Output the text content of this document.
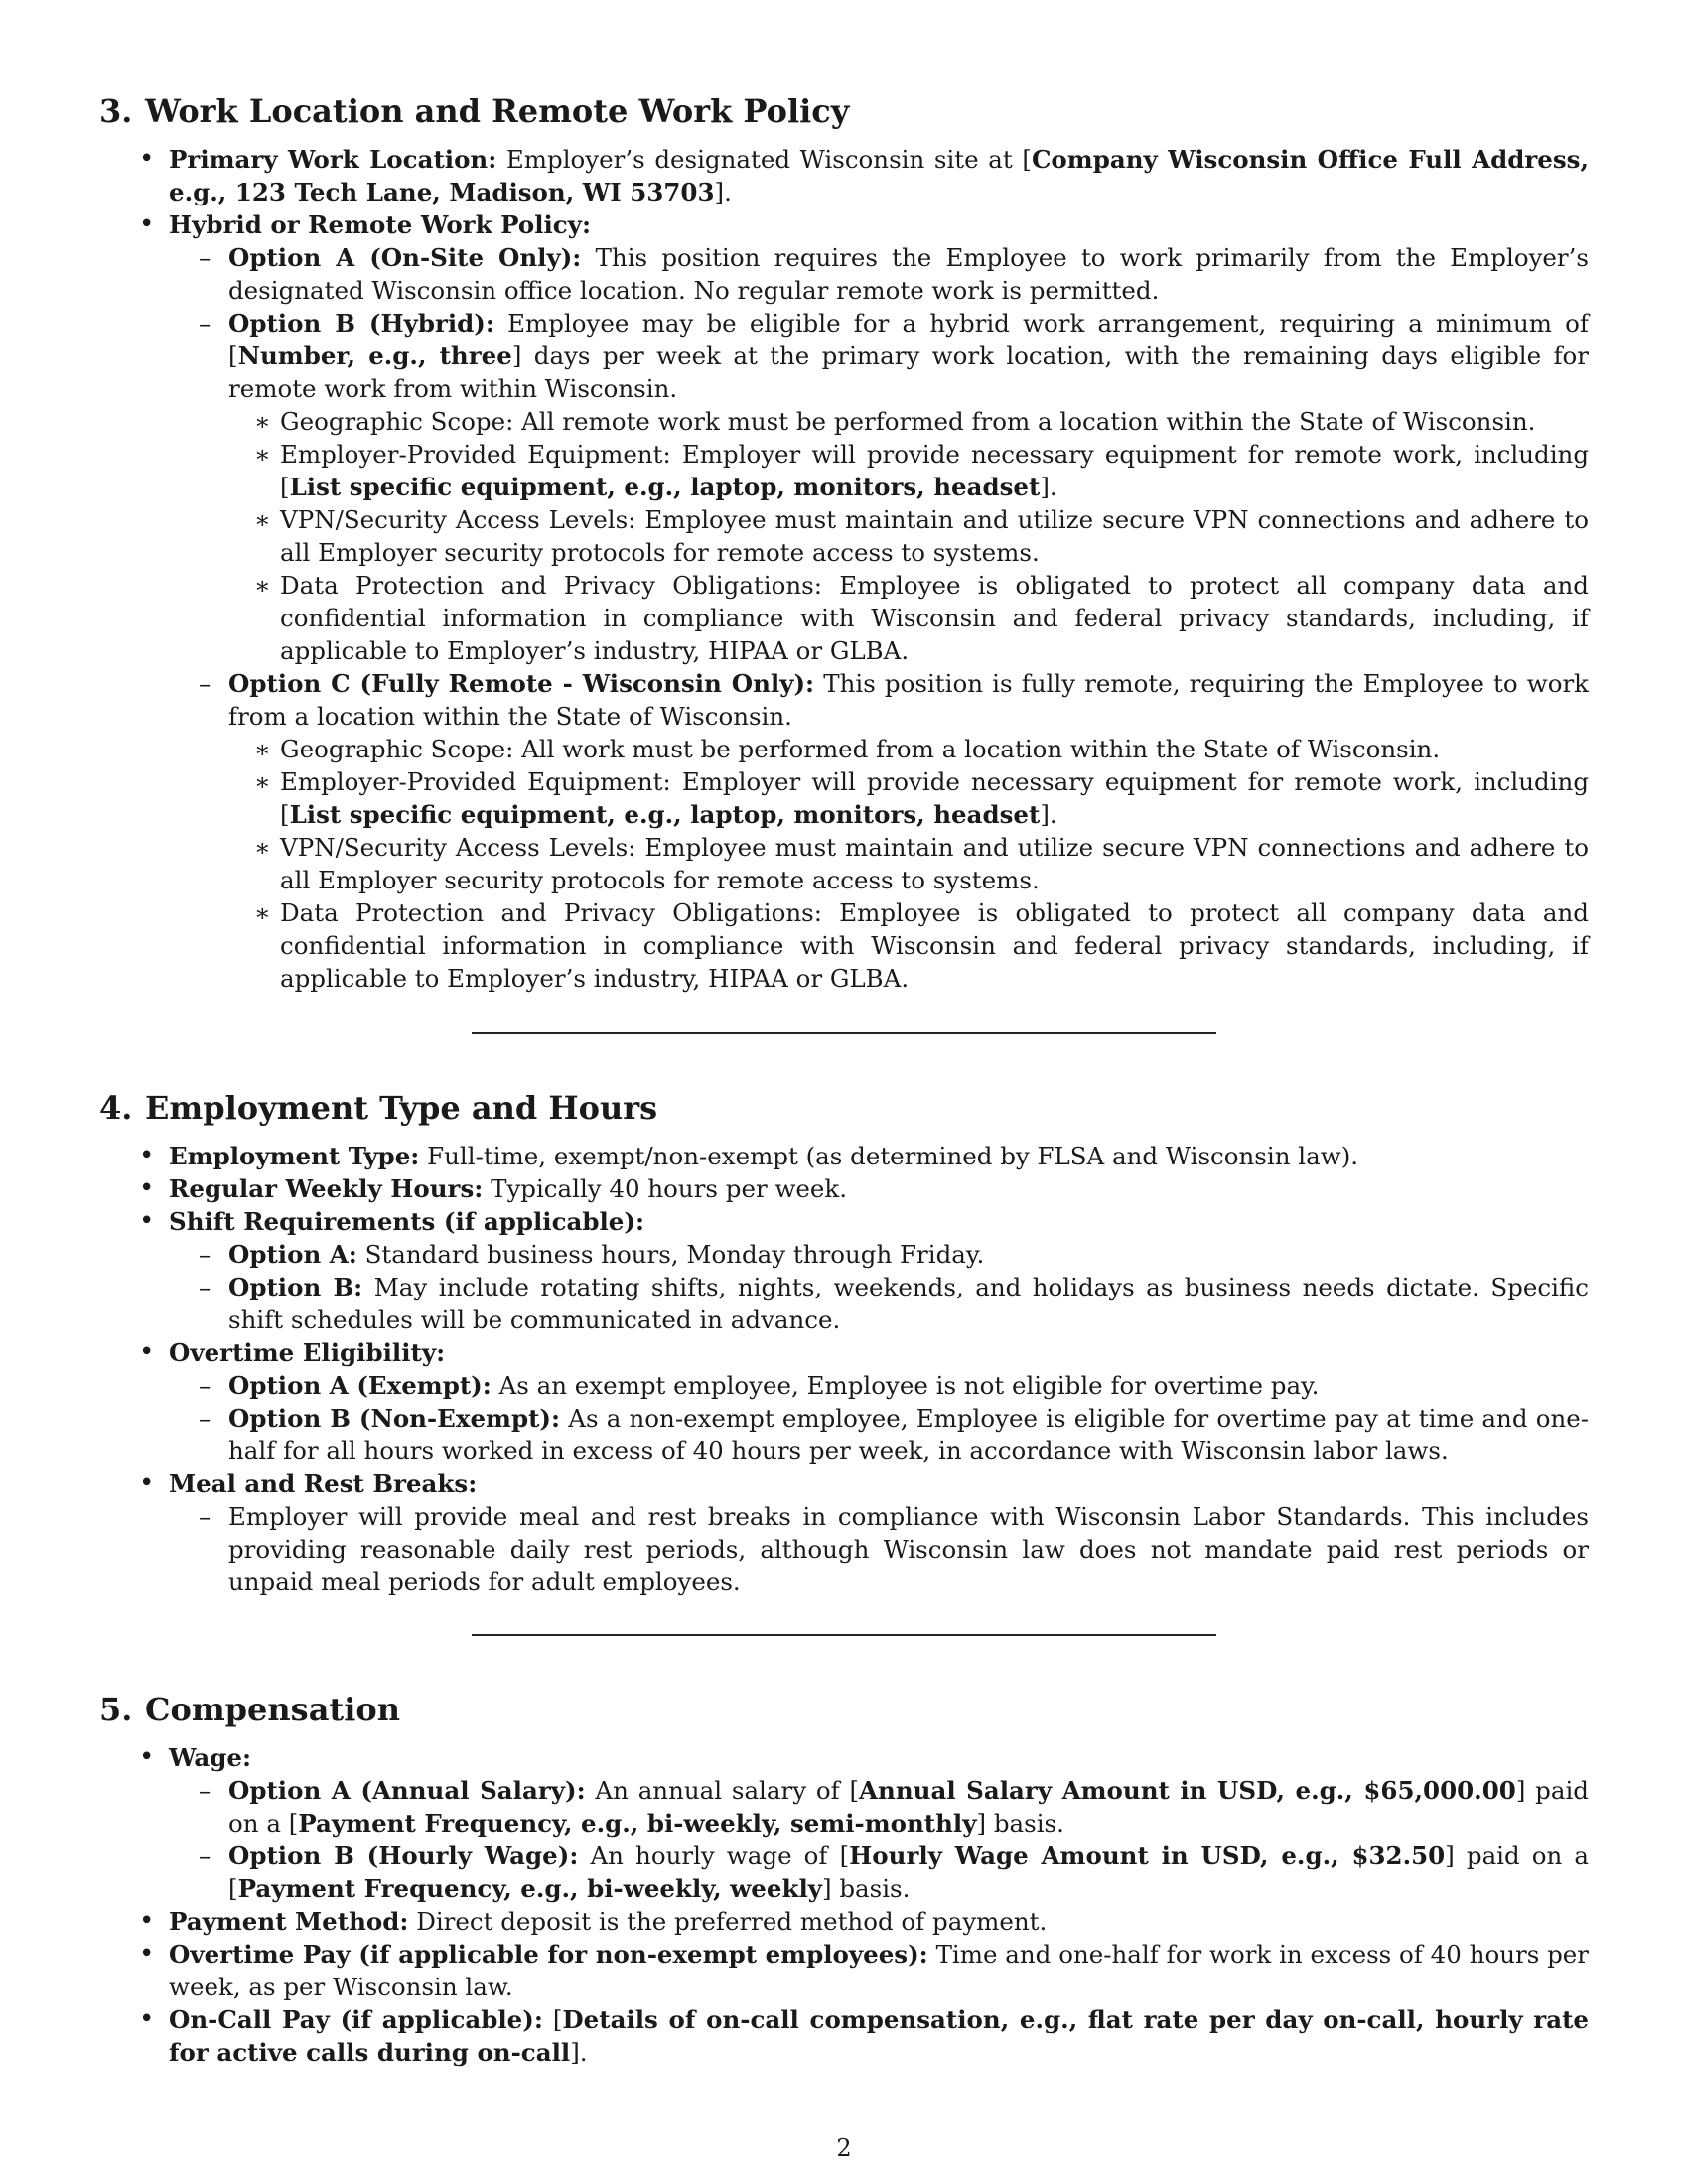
3. Work Location and Remote Work Policy
• Primary Work Location: Employer’s designated Wisconsin site at [Company Wisconsin Office Full Address, e.g., 123 Tech Lane, Madison, WI 53703].
• Hybrid or Remote Work Policy:
– Option A (On-Site Only): This position requires the Employee to work primarily from the Employer’s designated Wisconsin office location. No regular remote work is permitted.
– Option B (Hybrid): Employee may be eligible for a hybrid work arrangement, requiring a minimum of [Number, e.g., three] days per week at the primary work location, with the remaining days eligible for remote work from within Wisconsin.
∗ Geographic Scope: All remote work must be performed from a location within the State of Wisconsin.
∗ Employer-Provided Equipment: Employer will provide necessary equipment for remote work, including [List specific equipment, e.g., laptop, monitors, headset].
∗ VPN/Security Access Levels: Employee must maintain and utilize secure VPN connections and adhere to all Employer security protocols for remote access to systems.
∗ Data Protection and Privacy Obligations: Employee is obligated to protect all company data and confidential information in compliance with Wisconsin and federal privacy standards, including, if applicable to Employer’s industry, HIPAA or GLBA.
– Option C (Fully Remote - Wisconsin Only): This position is fully remote, requiring the Employee to work from a location within the State of Wisconsin.
∗ Geographic Scope: All work must be performed from a location within the State of Wisconsin.
∗ Employer-Provided Equipment: Employer will provide necessary equipment for remote work, including [List specific equipment, e.g., laptop, monitors, headset].
∗ VPN/Security Access Levels: Employee must maintain and utilize secure VPN connections and adhere to all Employer security protocols for remote access to systems.
∗ Data Protection and Privacy Obligations: Employee is obligated to protect all company data and confidential information in compliance with Wisconsin and federal privacy standards, including, if applicable to Employer’s industry, HIPAA or GLBA.
4. Employment Type and Hours
• Employment Type: Full-time, exempt/non-exempt (as determined by FLSA and Wisconsin law).
• Regular Weekly Hours: Typically 40 hours per week.
• Shift Requirements (if applicable):
– Option A: Standard business hours, Monday through Friday.
– Option B: May include rotating shifts, nights, weekends, and holidays as business needs dictate. Specific shift schedules will be communicated in advance.
• Overtime Eligibility:
– Option A (Exempt): As an exempt employee, Employee is not eligible for overtime pay.
– Option B (Non-Exempt): As a non-exempt employee, Employee is eligible for overtime pay at time and one-half for all hours worked in excess of 40 hours per week, in accordance with Wisconsin labor laws.
• Meal and Rest Breaks:
– Employer will provide meal and rest breaks in compliance with Wisconsin Labor Standards. This includes providing reasonable daily rest periods, although Wisconsin law does not mandate paid rest periods or unpaid meal periods for adult employees.
5. Compensation
• Wage:
– Option A (Annual Salary): An annual salary of [Annual Salary Amount in USD, e.g., $65,000.00] paid on a [Payment Frequency, e.g., bi-weekly, semi-monthly] basis.
– Option B (Hourly Wage): An hourly wage of [Hourly Wage Amount in USD, e.g., $32.50] paid on a [Payment Frequency, e.g., bi-weekly, weekly] basis.
• Payment Method: Direct deposit is the preferred method of payment.
• Overtime Pay (if applicable for non-exempt employees): Time and one-half for work in excess of 40 hours per week, as per Wisconsin law.
• On-Call Pay (if applicable): [Details of on-call compensation, e.g., flat rate per day on-call, hourly rate for active calls during on-call].
2
